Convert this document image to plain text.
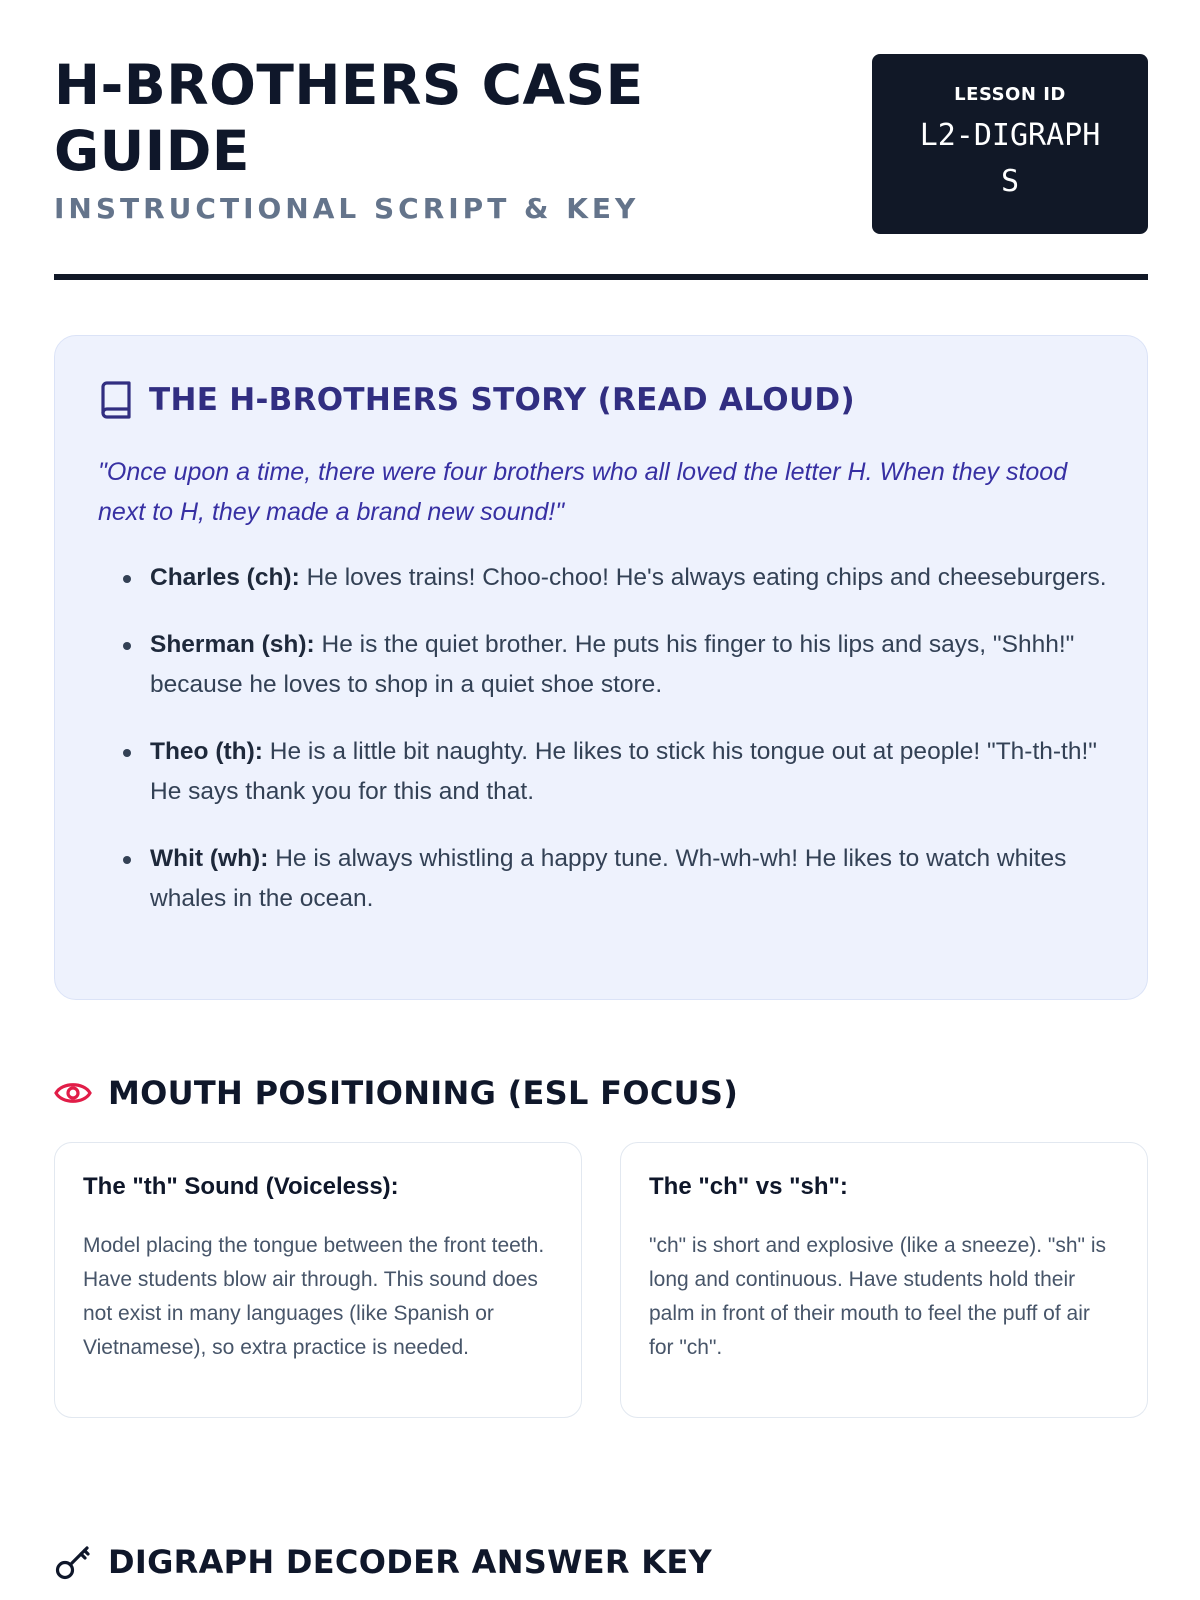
H-BROTHERS CASE GUIDE
INSTRUCTIONAL SCRIPT & KEY
LESSON ID
L2-DIGRAPHS
THE H-BROTHERS STORY (READ ALOUD)

"Once upon a time, there were four brothers who all loved the letter H. When they stood next to H, they made a brand new sound!"

Charles (ch): He loves trains! Choo-choo! He's always eating chips and cheeseburgers.
Sherman (sh): He is the quiet brother. He puts his finger to his lips and says, "Shhh!" because he loves to shop in a quiet shoe store.
Theo (th): He is a little bit naughty. He likes to stick his tongue out at people! "Th-th-th!" He says thank you for this and that.
Whit (wh): He is always whistling a happy tune. Wh-wh-wh! He likes to watch whites whales in the ocean.
MOUTH POSITIONING (ESL FOCUS)
The "th" Sound (Voiceless):

Model placing the tongue between the front teeth. Have students blow air through. This sound does not exist in many languages (like Spanish or Vietnamese), so extra practice is needed.

The "ch" vs "sh":

"ch" is short and explosive (like a sneeze). "sh" is long and continuous. Have students hold their palm in front of their mouth to feel the puff of air for "ch".

DIGRAPH DECODER ANSWER KEY
